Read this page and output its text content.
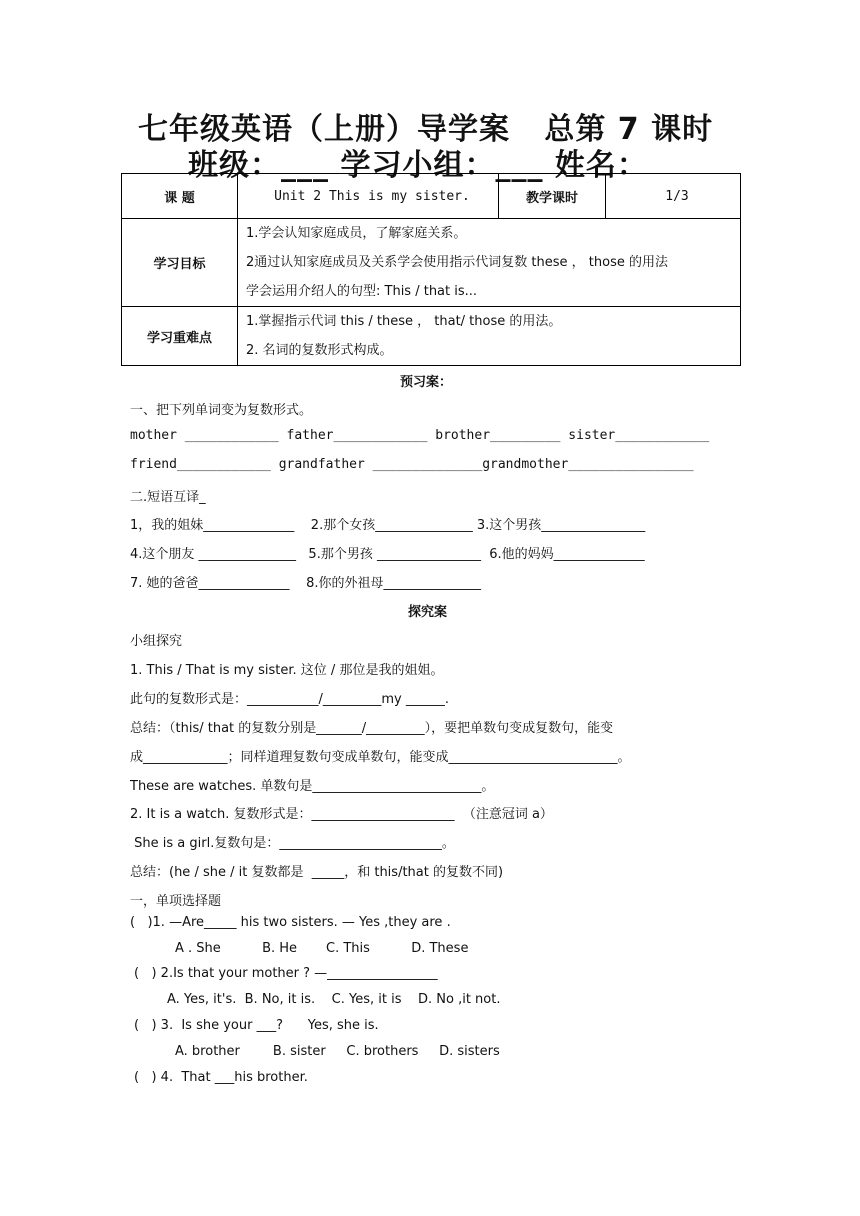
七年级英语（上册）导学案   总第 7 课时
班级：___ 学习小组：___ 姓名：
课 题	Unit 2 This is my sister.	教学课时	1/3
学习目标	1.学会认知家庭成员，了解家庭关系。
2通过认知家庭成员及关系学会使用指示代词复数 these ， those 的用法
学会运用介绍人的句型: This / that is...		

学习重难点	1.掌握指示代词 this / these ， that/ those 的用法。
2. 名词的复数形式构成。		
预习案：
一、把下列单词变为复数形式。
mother ____________ father____________ brother_________ sister____________
friend____________ grandfather ______________grandmother________________
二.短语互译_
1，我的姐妹______________    2.那个女孩_______________ 3.这个男孩________________
4.这个朋友 _______________   5.那个男孩 ________________  6.他的妈妈______________
7. 她的爸爸______________    8.你的外祖母_______________
探究案
小组探究
1. This / That is my sister. 这位 / 那位是我的姐姐。
此句的复数形式是：___________/_________my ______.
总结：（this/ that 的复数分别是_______/_________），要把单数句变成复数句，能变
成_____________；同样道理复数句变成单数句，能变成__________________________。
These are watches. 单数句是__________________________。
2. It is a watch. 复数形式是：______________________  （注意冠词 a）
She is a girl.复数句是：_________________________。
总结：(he / she / it 复数都是  _____，和 this/that 的复数不同)
一，单项选择题
(   )1. —Are_____ his two sisters. — Yes ,they are .
A . She          B. He       C. This          D. These
(   ) 2.Is that your mother ? —_________________
A. Yes, it's.  B. No, it is.    C. Yes, it is    D. No ,it not.
(   ) 3.  Is she your ___?      Yes, she is.
A. brother        B. sister     C. brothers     D. sisters
(   ) 4.  That ___his brother.
